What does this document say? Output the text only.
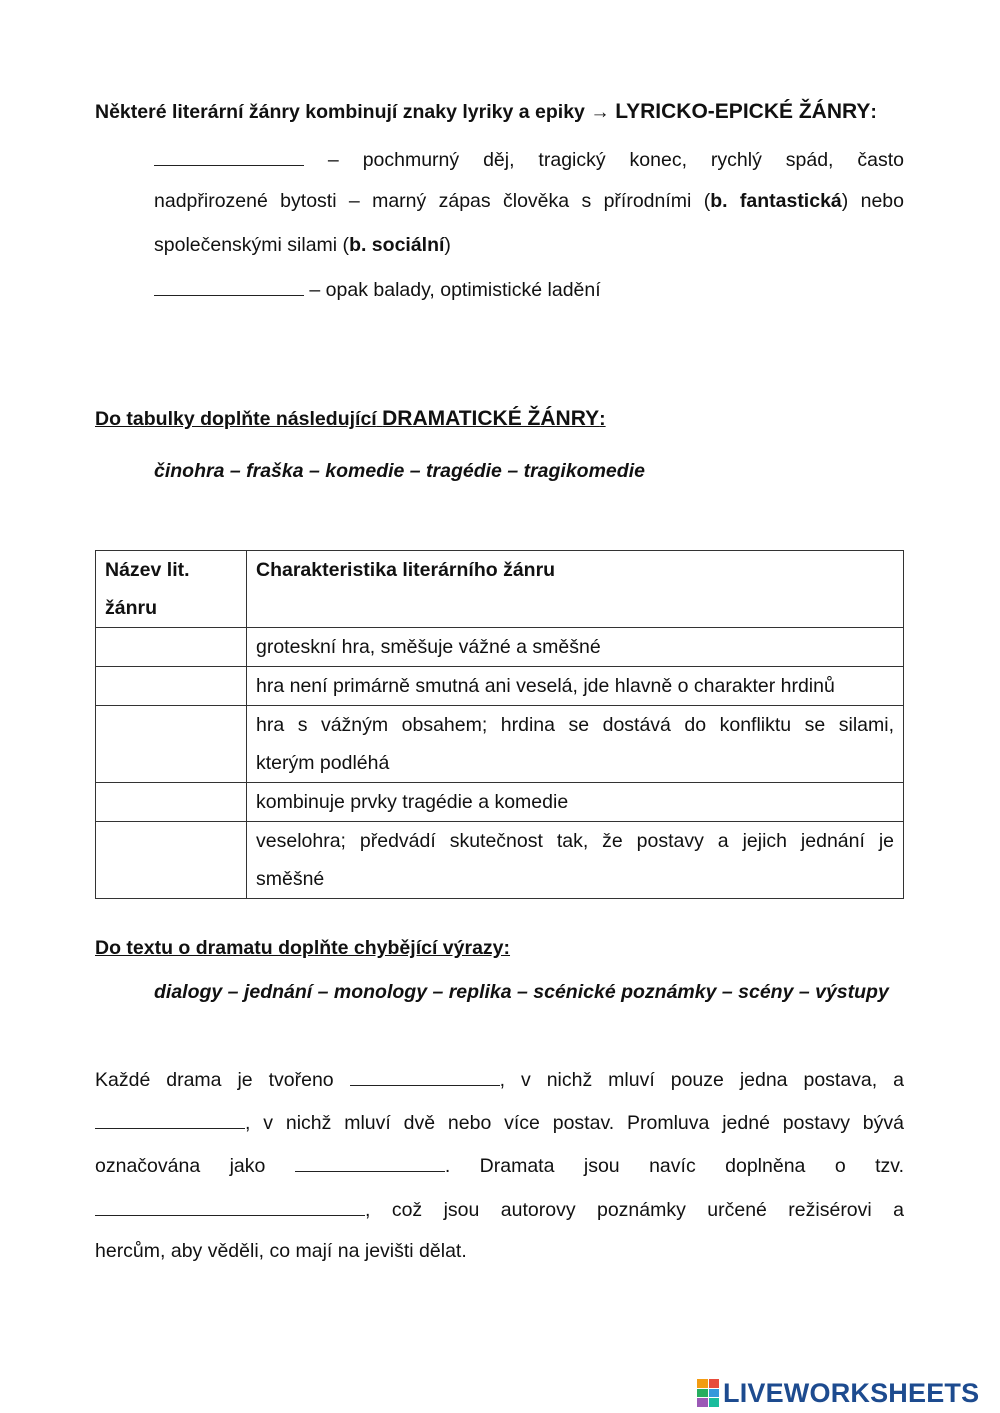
Některé literární žánry kombinují znaky lyriky a epiky → LYRICKO-EPICKÉ ŽÁNRY:
– pochmurný děj, tragický konec, rychlý spád, často
nadpřirozené bytosti – marný zápas člověka s přírodními (b. fantastická) nebo
společenskými silami (b. sociální)
– opak balady, optimistické ladění
Do tabulky doplňte následující DRAMATICKÉ ŽÁNRY:
činohra – fraška – komedie – tragédie – tragikomedie
Název lit.
žánru	Charakteristika literárního žánru
	groteskní hra, směšuje vážné a směšné
	hra není primárně smutná ani veselá, jde hlavně o charakter hrdinů

	hra s vážným obsahem; hrdina se dostává do konfliktu se silami,
kterým podléhá

	kombinuje prvky tragédie a komedie

	veselohra; předvádí skutečnost tak, že postavy a jejich jednání je
směšné
Do textu o dramatu doplňte chybějící výrazy:
dialogy – jednání – monology – replika – scénické poznámky – scény – výstupy
Každé drama je tvořeno	, v nichž mluví pouze jedna postava, a
, v nichž mluví dvě nebo více postav. Promluva jedné postavy bývá
označována jako	. Dramata jsou navíc doplněna o tzv.
, což jsou autorovy poznámky určené režisérovi a
hercům, aby věděli, co mají na jevišti dělat.
LIVEWORKSHEETS
